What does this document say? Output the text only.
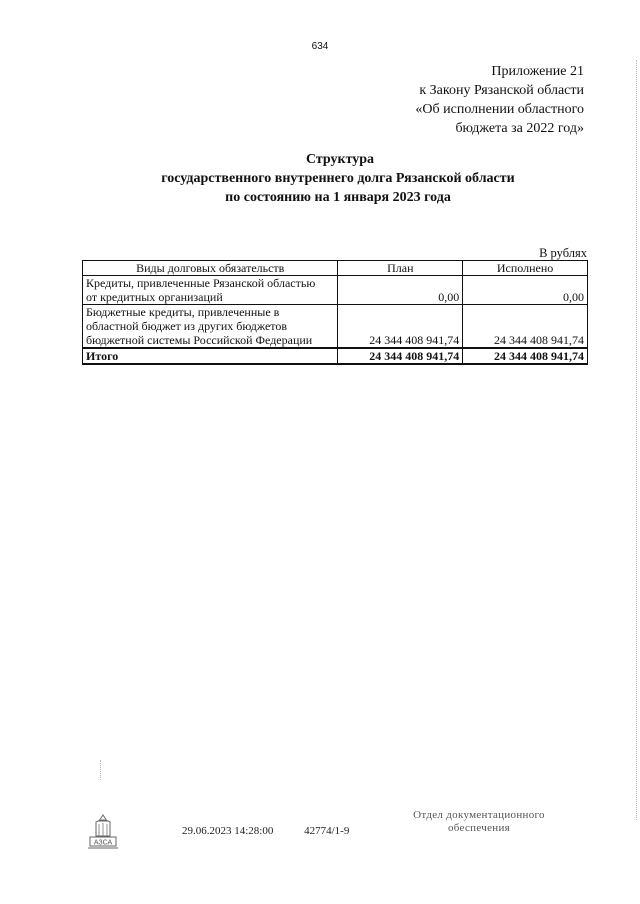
634
Приложение 21
к Закону Рязанской области
«Об исполнении областного
бюджета за 2022 год»
Структура
государственного внутреннего долга Рязанской области
по состоянию на 1 января 2023 года
В рублях
Виды долговых обязательств	План	Исполнено

Кредиты, привлеченные Рязанской областью
от кредитных организаций	0,00	0,00

Бюджетные кредиты, привлеченные в
областной бюджет из других бюджетов
бюджетной системы Российской Федерации	24 344 408 941,74	24 344 408 941,74
Итого	24 344 408 941,74	24 344 408 941,74
АЗСА
29.06.2023 14:28:00	42774/1-9
Отдел документационного
обеспечения
